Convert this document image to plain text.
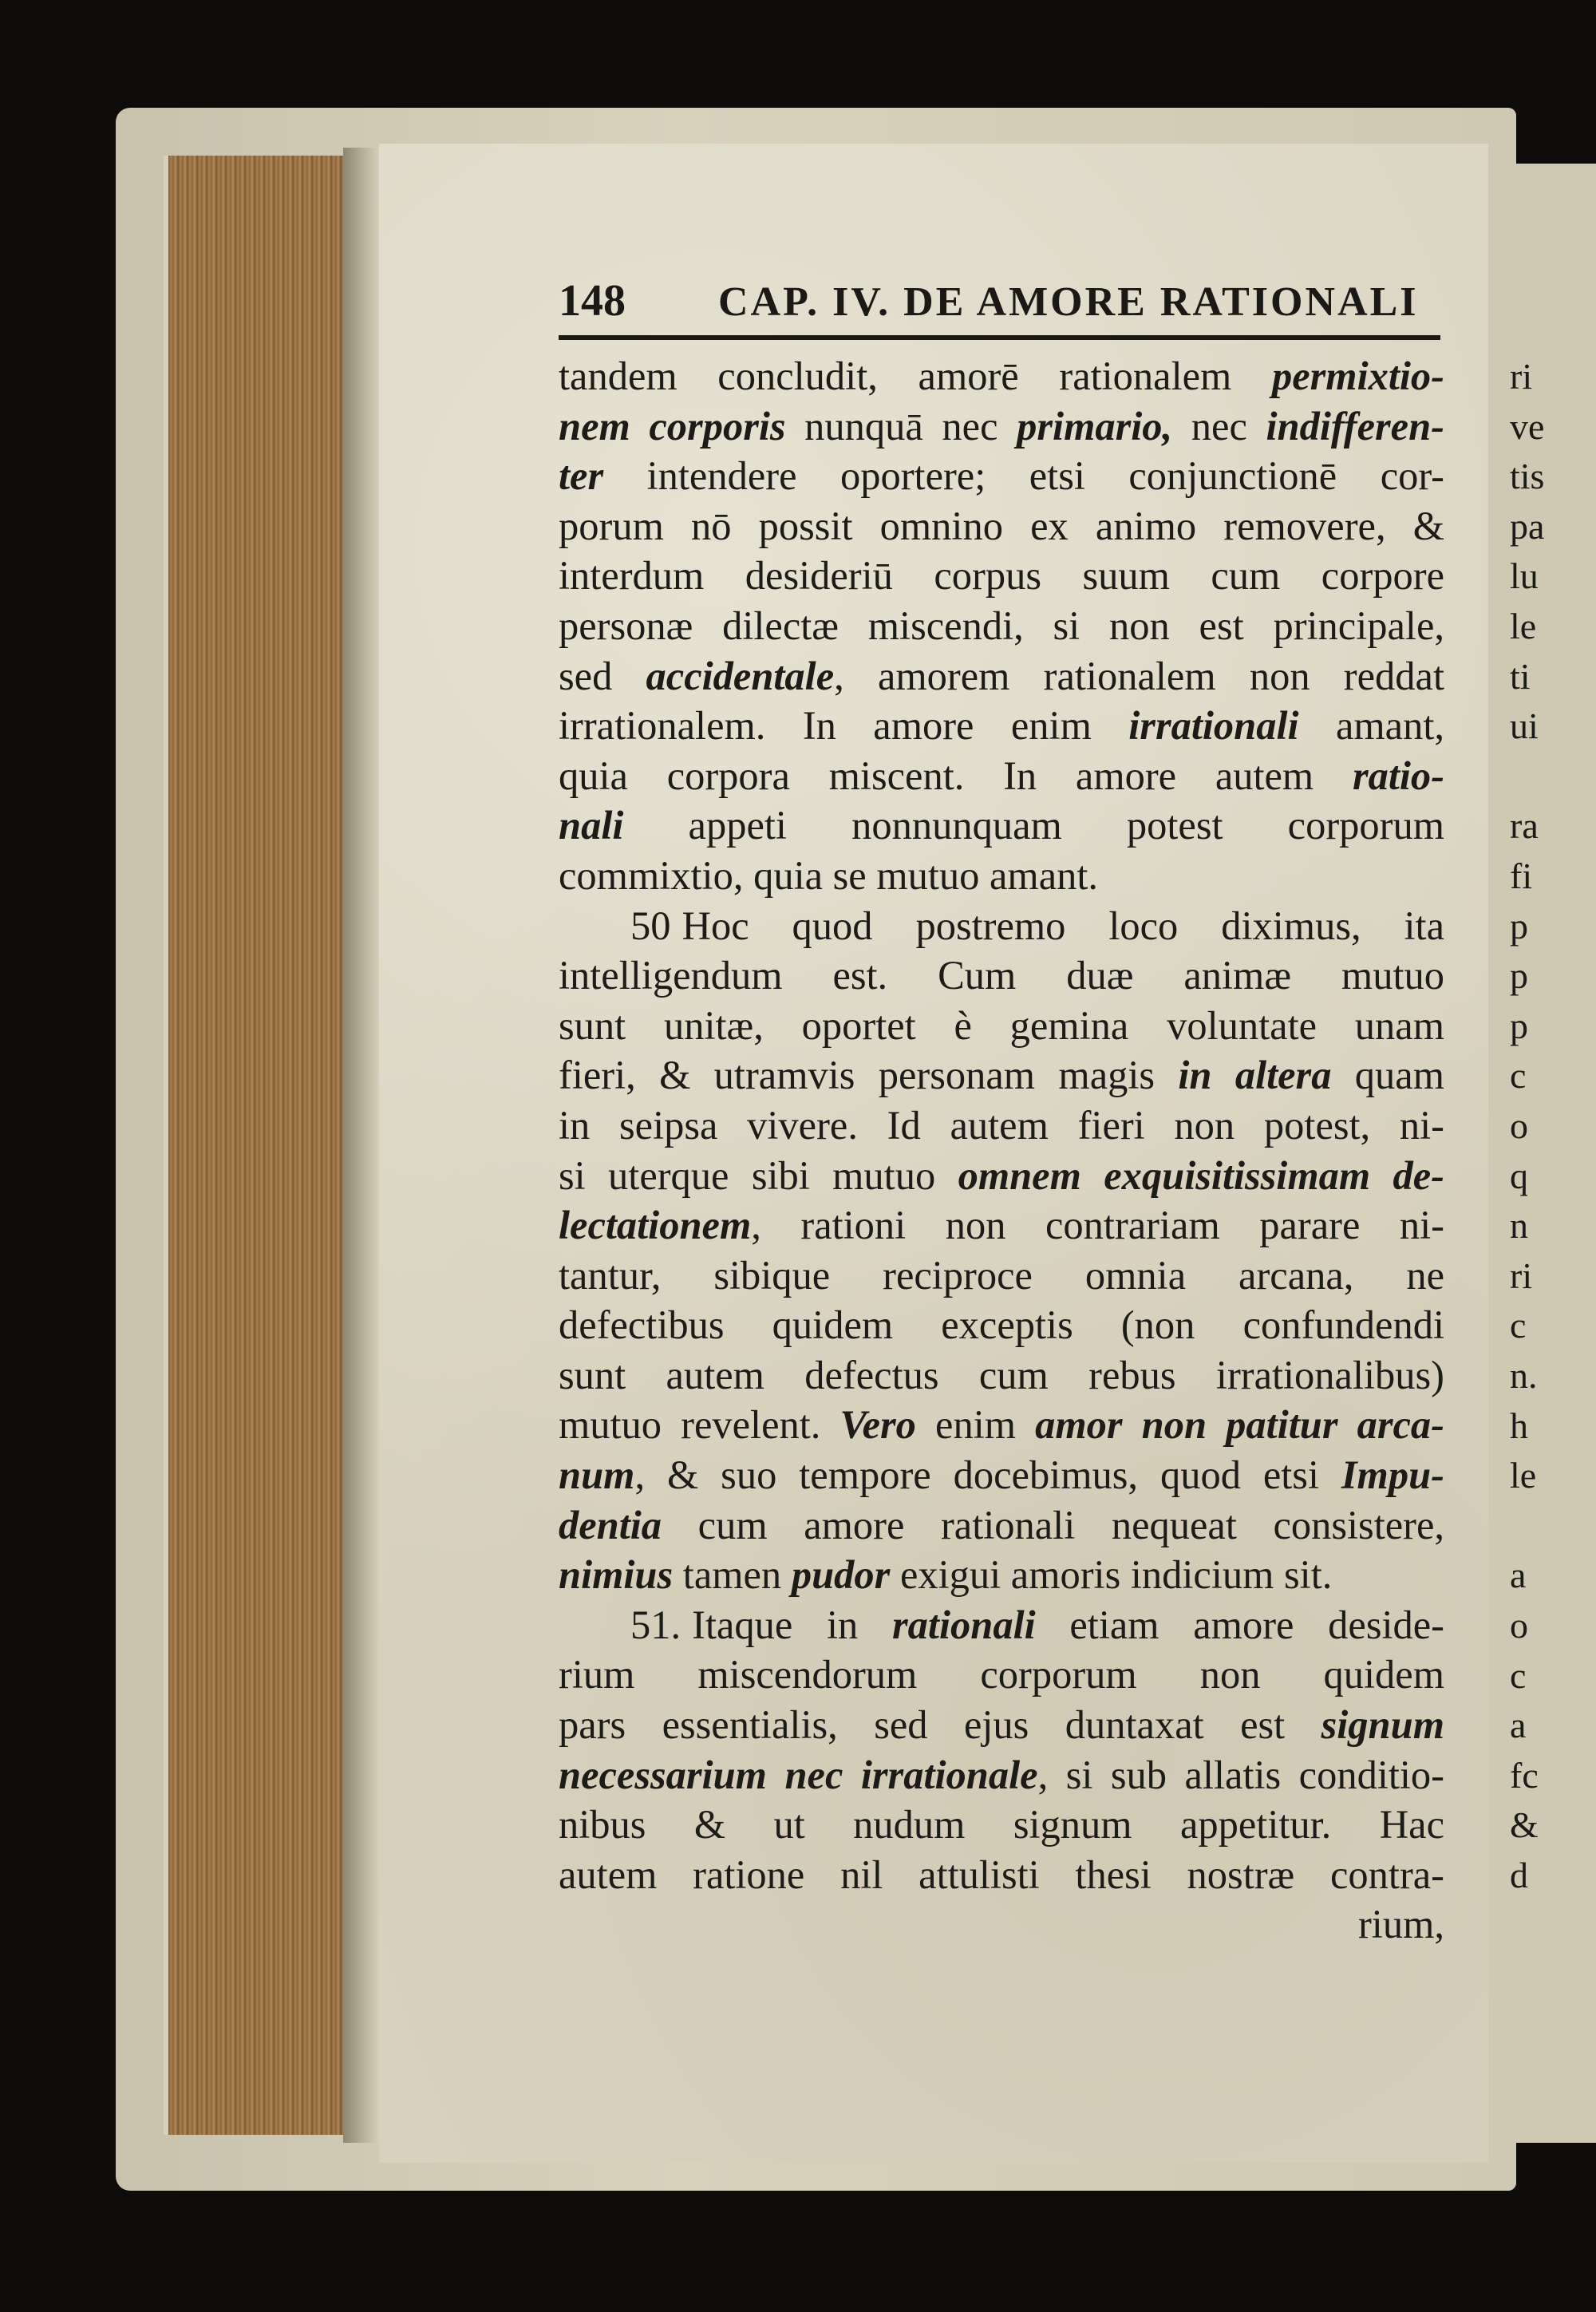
ri
ve
tis
pa
lu
le
ti
ui
ra
fi
p
p
p
c
o
q
n
ri
c
n.
h
le
a
o
c
a
fc
&
d
148 CAP. IV. DE AMORE RATIONALI
tandem concludit, amorē rationalem permixtio-
nem corporis nunquā nec primario, nec indifferen-
ter intendere oportere; etsi conjunctionē cor-
porum nō possit omnino ex animo removere, &
interdum desideriū corpus suum cum corpore
personæ dilectæ miscendi, si non est principale,
sed accidentale, amorem rationalem non reddat
irrationalem. In amore enim irrationali amant,
quia corpora miscent. In amore autem ratio-
nali appeti nonnunquam potest corporum
commixtio, quia se mutuo amant.
50 Hoc quod postremo loco diximus, ita
intelligendum est. Cum duæ animæ mutuo
sunt unitæ, oportet è gemina voluntate unam
fieri, & utramvis personam magis in altera quam
in seipsa vivere. Id autem fieri non potest, ni-
si uterque sibi mutuo omnem exquisitissimam de-
lectationem, rationi non contrariam parare ni-
tantur, sibique reciproce omnia arcana, ne
defectibus quidem exceptis (non confundendi
sunt autem defectus cum rebus irrationalibus)
mutuo revelent. Vero enim amor non patitur arca-
num, & suo tempore docebimus, quod etsi Impu-
dentia cum amore rationali nequeat consistere,
nimius tamen pudor exigui amoris indicium sit.
51. Itaque in rationali etiam amore deside-
rium miscendorum corporum non quidem
pars essentialis, sed ejus duntaxat est signum
necessarium nec irrationale, si sub allatis conditio-
nibus & ut nudum signum appetitur. Hac
autem ratione nil attulisti thesi nostræ contra-
rium,
